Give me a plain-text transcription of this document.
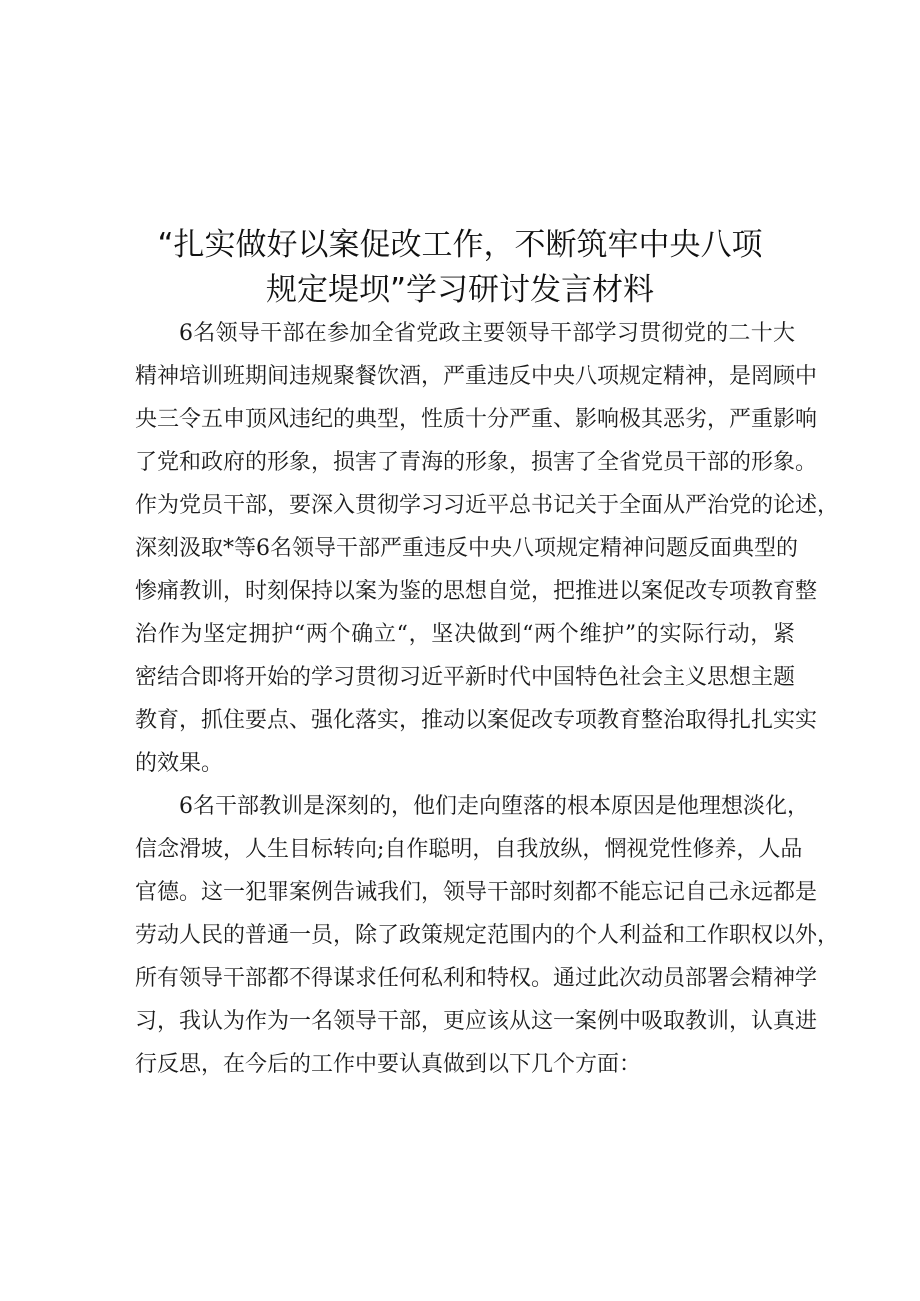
“扎实做好以案促改工作，不断筑牢中央八项
规定堤坝”学习研讨发言材料
6名领导干部在参加全省党政主要领导干部学习贯彻党的二十大
精神培训班期间违规聚餐饮酒，严重违反中央八项规定精神，是罔顾中
央三令五申顶风违纪的典型，性质十分严重、影响极其恶劣，严重影响
了党和政府的形象，损害了青海的形象，损害了全省党员干部的形象。
作为党员干部，要深入贯彻学习习近平总书记关于全面从严治党的论述，
深刻汲取*等6名领导干部严重违反中央八项规定精神问题反面典型的
惨痛教训，时刻保持以案为鉴的思想自觉，把推进以案促改专项教育整
治作为坚定拥护“两个确立“，坚决做到“两个维护”的实际行动，紧
密结合即将开始的学习贯彻习近平新时代中国特色社会主义思想主题
教育，抓住要点、强化落实，推动以案促改专项教育整治取得扎扎实实
的效果。
6名干部教训是深刻的，他们走向堕落的根本原因是他理想淡化，
信念滑坡，人生目标转向;自作聪明，自我放纵，惘视党性修养，人品
官德。这一犯罪案例告诫我们，领导干部时刻都不能忘记自己永远都是
劳动人民的普通一员，除了政策规定范围内的个人利益和工作职权以外，
所有领导干部都不得谋求任何私利和特权。通过此次动员部署会精神学
习，我认为作为一名领导干部，更应该从这一案例中吸取教训，认真进
行反思，在今后的工作中要认真做到以下几个方面：
